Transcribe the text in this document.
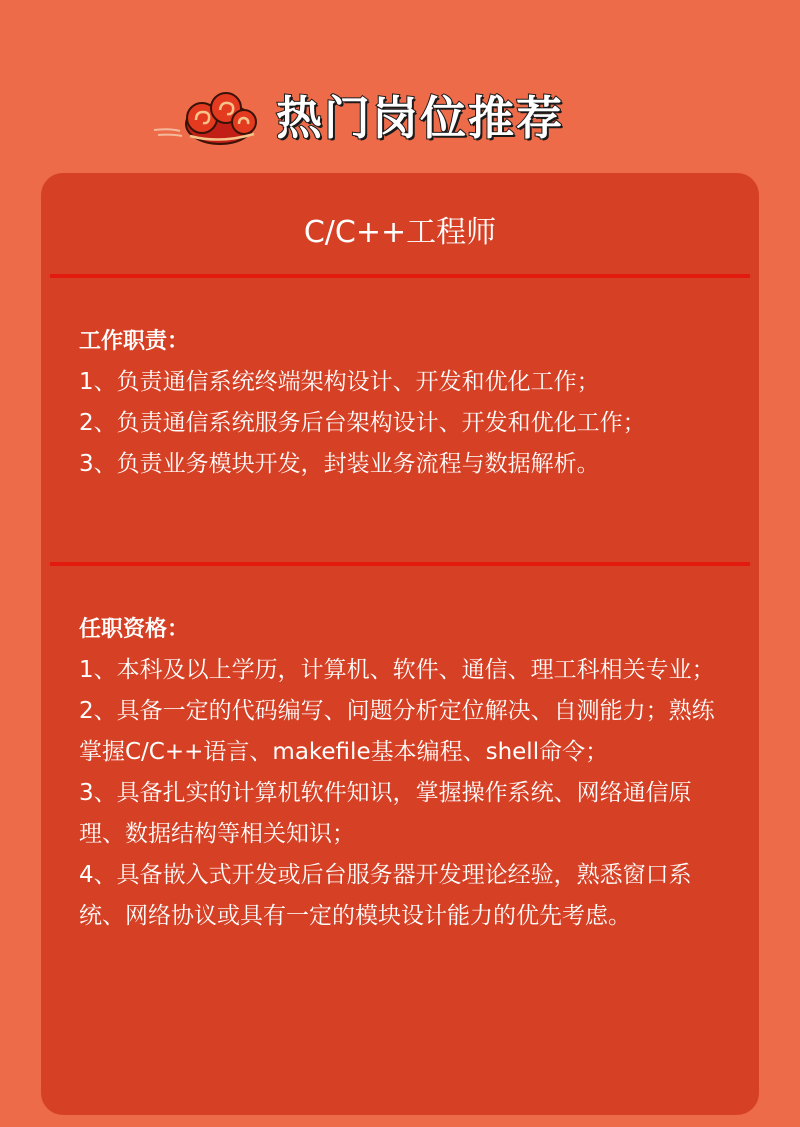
热门岗位推荐
C/C++工程师
工作职责：

1、负责通信系统终端架构设计、开发和优化工作；

2、负责通信系统服务后台架构设计、开发和优化工作；

3、负责业务模块开发，封装业务流程与数据解析。

任职资格：

1、本科及以上学历，计算机、软件、通信、理工科相关专业；

2、具备一定的代码编写、问题分析定位解决、自测能力；熟练掌握C/C++语言、makefile基本编程、shell命令；

3、具备扎实的计算机软件知识，掌握操作系统、网络通信原理、数据结构等相关知识；

4、具备嵌入式开发或后台服务器开发理论经验，熟悉窗口系统、网络协议或具有一定的模块设计能力的优先考虑。
